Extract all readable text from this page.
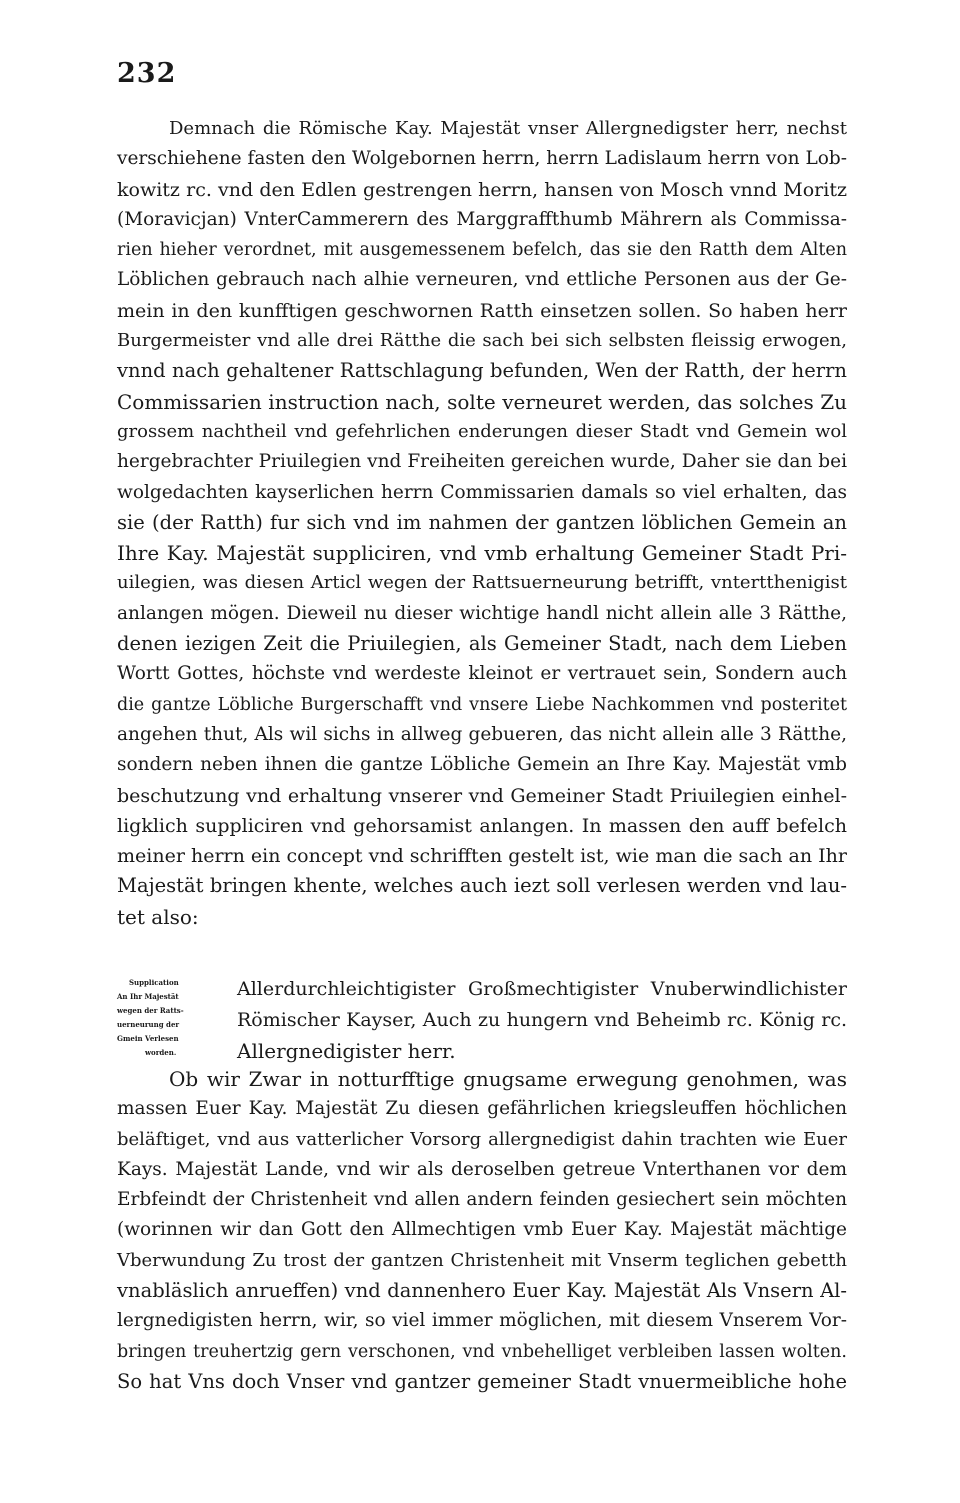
232
Demnach die Römische Kay. Majestät vnser Allergnedigster herr, nechst
verschiehene fasten den Wolgebornen herrn, herrn Ladislaum herrn von Lob-
kowitz rc. vnd den Edlen gestrengen herrn, hansen von Mosch vnnd Moritz
(Moravicjan) VnterCammerern des Marggraffthumb Mährern als Commissa-
rien hieher verordnet, mit ausgemessenem befelch, das sie den Ratth dem Alten
Löblichen gebrauch nach alhie verneuren, vnd ettliche Personen aus der Ge-
mein in den kunfftigen geschwornen Ratth einsetzen sollen. So haben herr
Burgermeister vnd alle drei Rätthe die sach bei sich selbsten fleissig erwogen,
vnnd nach gehaltener Rattschlagung befunden, Wen der Ratth, der herrn
Commissarien instruction nach, solte verneuret werden, das solches Zu
grossem nachtheil vnd gefehrlichen enderungen dieser Stadt vnd Gemein wol
hergebrachter Priuilegien vnd Freiheiten gereichen wurde, Daher sie dan bei
wolgedachten kayserlichen herrn Commissarien damals so viel erhalten, das
sie (der Ratth) fur sich vnd im nahmen der gantzen löblichen Gemein an
Ihre Kay. Majestät suppliciren, vnd vmb erhaltung Gemeiner Stadt Pri-
uilegien, was diesen Articl wegen der Rattsuerneurung betrifft, vntertthenigist
anlangen mögen. Dieweil nu dieser wichtige handl nicht allein alle 3 Rätthe,
denen iezigen Zeit die Priuilegien, als Gemeiner Stadt, nach dem Lieben
Wortt Gottes, höchste vnd werdeste kleinot er vertrauet sein, Sondern auch
die gantze Löbliche Burgerschafft vnd vnsere Liebe Nachkommen vnd posteritet
angehen thut, Als wil sichs in allweg gebueren, das nicht allein alle 3 Rätthe,
sondern neben ihnen die gantze Löbliche Gemein an Ihre Kay. Majestät vmb
beschutzung vnd erhaltung vnserer vnd Gemeiner Stadt Priuilegien einhel-
ligklich suppliciren vnd gehorsamist anlangen. In massen den auff befelch
meiner herrn ein concept vnd schrifften gestelt ist, wie man die sach an Ihr
Majestät bringen khente, welches auch iezt soll verlesen werden vnd lau-
tet also:
Supplication
An Ihr Majestät
wegen der Ratts-
uerneurung der
Gmein Verlesen
worden.
Allerdurchleichtigister Großmechtigister Vnuberwindlichister
Römischer Kayser, Auch zu hungern vnd Beheimb rc. König rc.
Allergnedigister herr.
Ob wir Zwar in notturfftige gnugsame erwegung genohmen, was
massen Euer Kay. Majestät Zu diesen gefährlichen kriegsleuffen höchlichen
beläftiget, vnd aus vatterlicher Vorsorg allergnedigist dahin trachten wie Euer
Kays. Majestät Lande, vnd wir als deroselben getreue Vnterthanen vor dem
Erbfeindt der Christenheit vnd allen andern feinden gesiechert sein möchten
(worinnen wir dan Gott den Allmechtigen vmb Euer Kay. Majestät mächtige
Vberwundung Zu trost der gantzen Christenheit mit Vnserm teglichen gebetth
vnabläslich anrueffen) vnd dannenhero Euer Kay. Majestät Als Vnsern Al-
lergnedigisten herrn, wir, so viel immer möglichen, mit diesem Vnserem Vor-
bringen treuhertzig gern verschonen, vnd vnbehelliget verbleiben lassen wolten.
So hat Vns doch Vnser vnd gantzer gemeiner Stadt vnuermeibliche hohe
